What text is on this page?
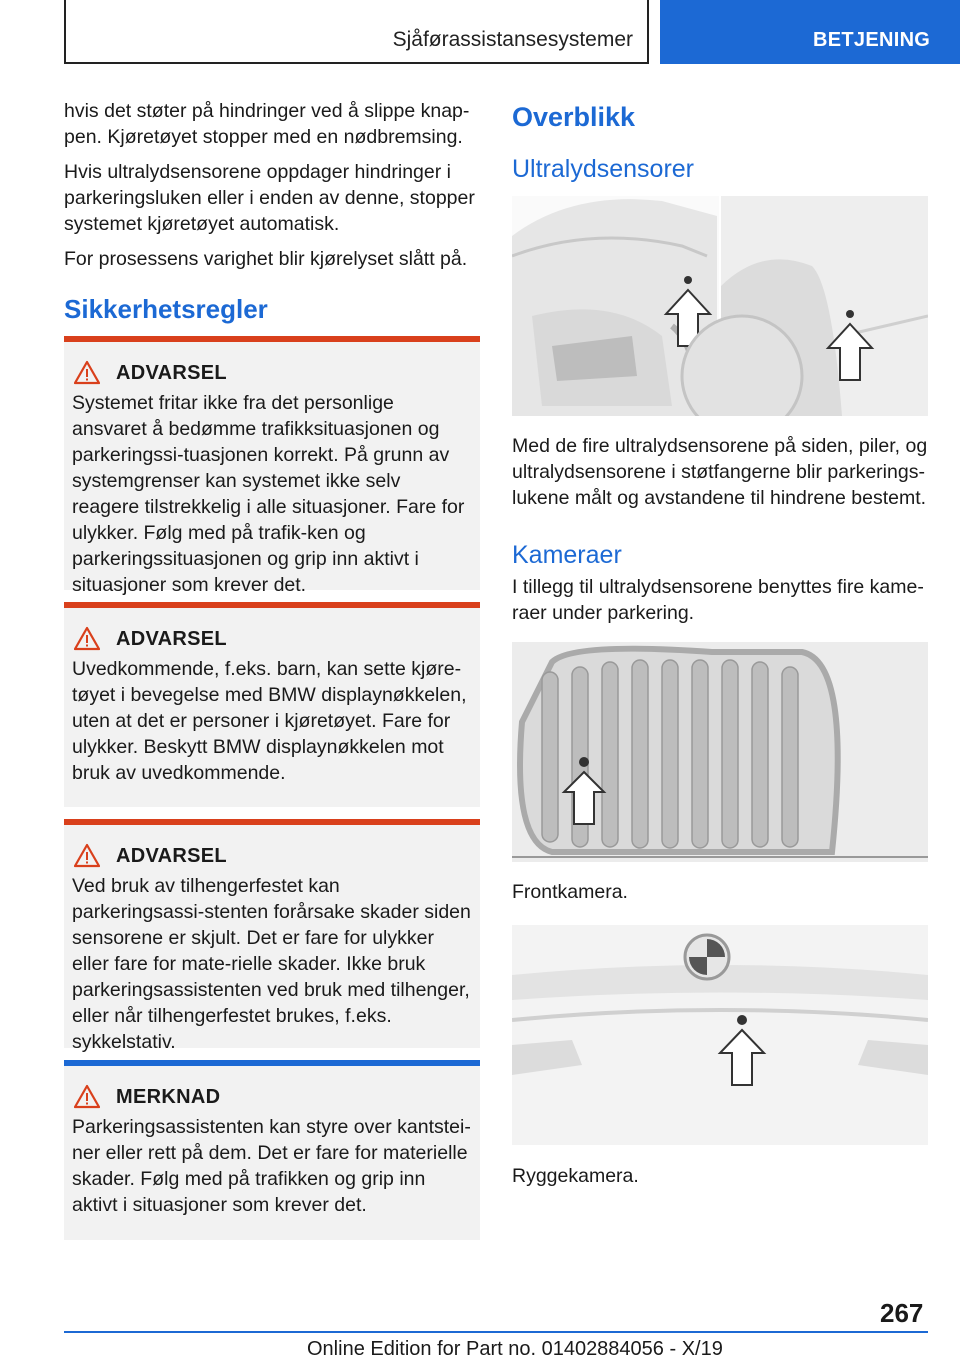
Sjåførassistansesystemer	BETJENING

hvis det støter på hindringer ved å slippe knap-pen. Kjøretøyet stopper med en nødbremsing.

Hvis ultralydsensorene oppdager hindringer i parkeringsluken eller i enden av denne, stopper systemet kjøretøyet automatisk.

For prosessens varighet blir kjørelyset slått på.

Sikkerhetsregler
ADVARSEL
Systemet fritar ikke fra det personlige ansvaret å bedømme trafikksituasjonen og parkeringssi-tuasjonen korrekt. På grunn av systemgrenser kan systemet ikke selv reagere tilstrekkelig i alle situasjoner. Fare for ulykker. Følg med på trafik-ken og parkeringssituasjonen og grip inn aktivt i situasjoner som krever det.
ADVARSEL
Uvedkommende, f.eks. barn, kan sette kjøre-tøyet i bevegelse med BMW displaynøkkelen, uten at det er personer i kjøretøyet. Fare for ulykker. Beskytt BMW displaynøkkelen mot bruk av uvedkommende.
ADVARSEL
Ved bruk av tilhengerfestet kan parkeringsassi-stenten forårsake skader siden sensorene er skjult. Det er fare for ulykker eller fare for mate-rielle skader. Ikke bruk parkeringsassistenten ved bruk med tilhenger, eller når tilhengerfestet brukes, f.eks. sykkelstativ.
MERKNAD
Parkeringsassistenten kan styre over kantstei-ner eller rett på dem. Det er fare for materielle skader. Følg med på trafikken og grip inn aktivt i situasjoner som krever det.
Overblikk
Ultralydsensorer

Med de fire ultralydsensorene på siden, piler, og ultralydsensorene i støtfangerne blir parkerings-lukene målt og avstandene til hindrene bestemt.

Kameraer

I tillegg til ultralydsensorene benyttes fire kame-raer under parkering.

Frontkamera.

Ryggekamera.

267
Online Edition for Part no. 01402884056 - X/19
